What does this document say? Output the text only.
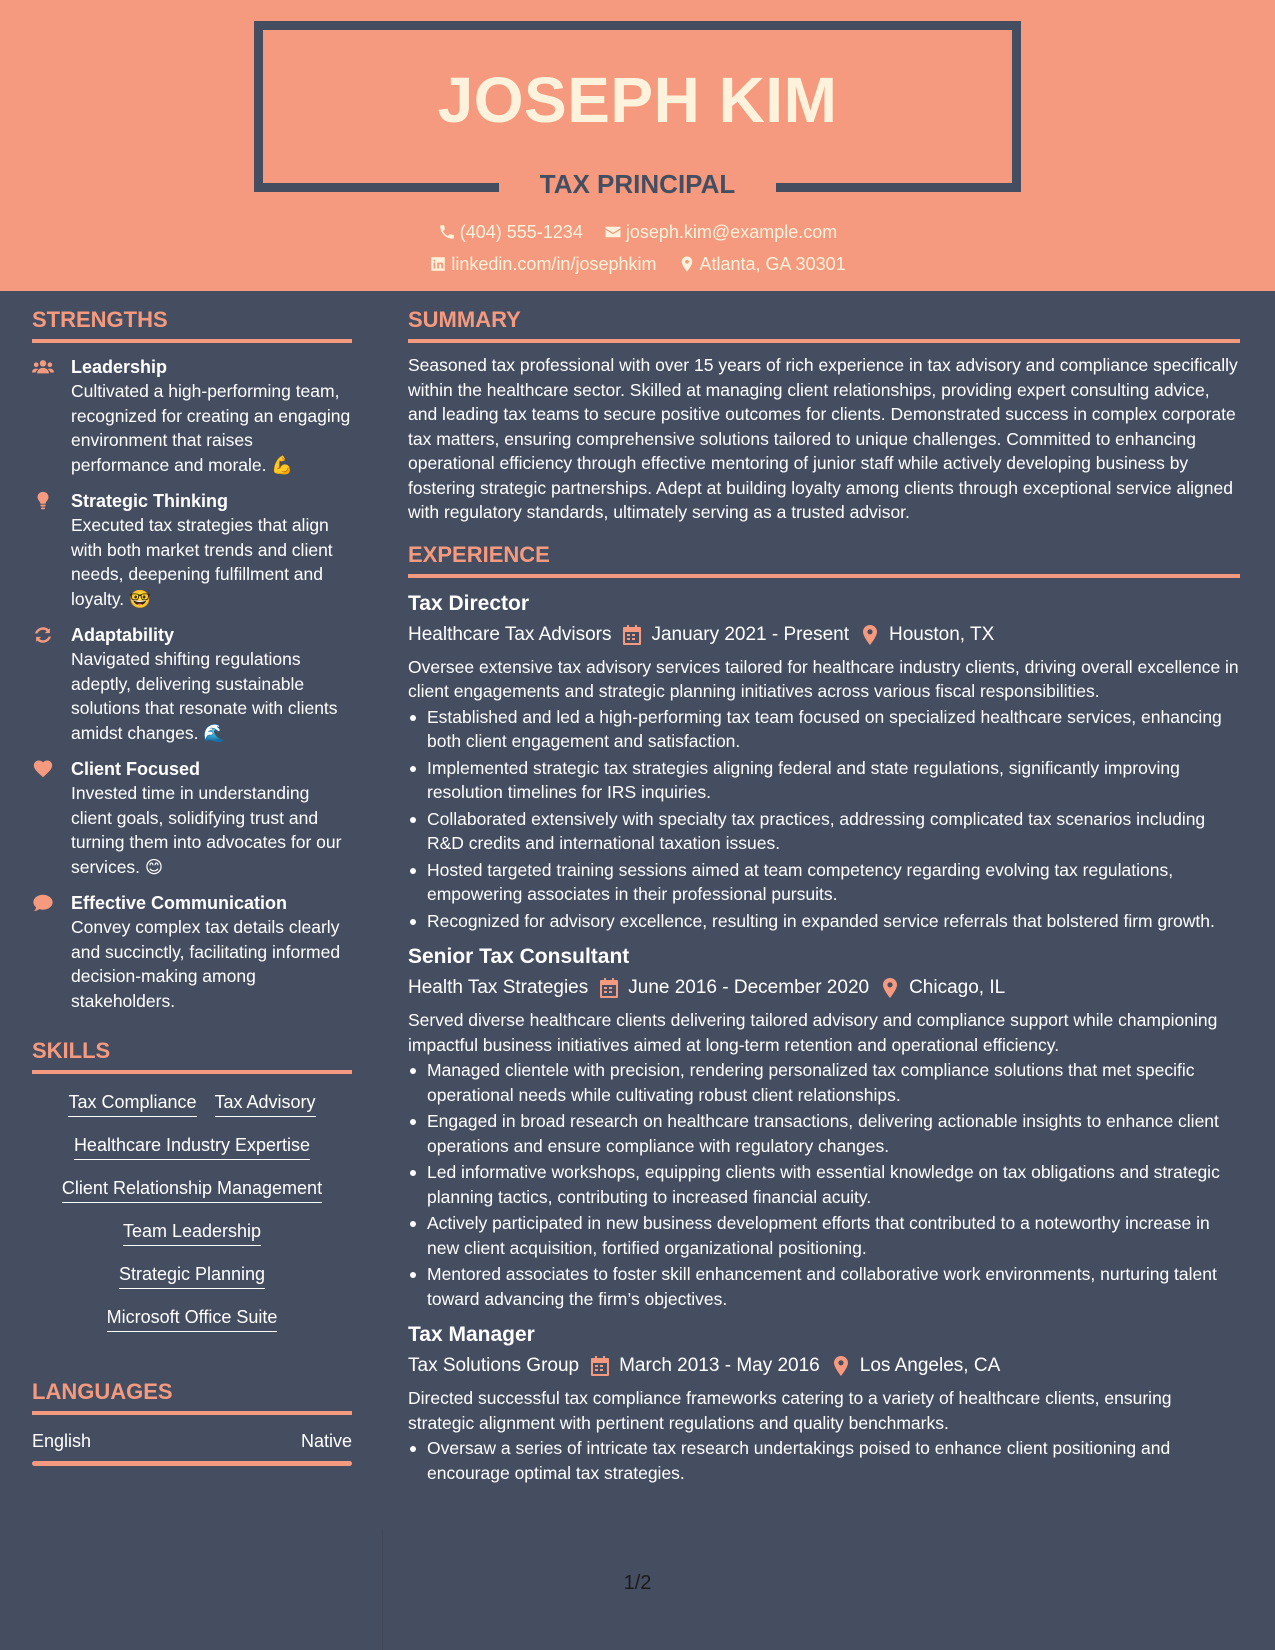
JOSEPH KIM
TAX PRINCIPAL
(404) 555-1234
joseph.kim@example.com
linkedin.com/in/josephkim
Atlanta, GA 30301
STRENGTHS
Leadership
Cultivated a high-performing team, recognized for creating an engaging environment that raises performance and morale. 💪
Strategic Thinking
Executed tax strategies that align with both market trends and client needs, deepening fulfillment and loyalty. 🤓
Adaptability
Navigated shifting regulations adeptly, delivering sustainable solutions that resonate with clients amidst changes. 🌊
Client Focused
Invested time in understanding client goals, solidifying trust and turning them into advocates for our services. 😊
Effective Communication
Convey complex tax details clearly and succinctly, facilitating informed decision-making among stakeholders.
SKILLS
Tax Compliance Tax Advisory
Healthcare Industry Expertise
Client Relationship Management
Team Leadership
Strategic Planning
Microsoft Office Suite
LANGUAGES
English	Native
SUMMARY
Seasoned tax professional with over 15 years of rich experience in tax advisory and compliance specifically within the healthcare sector. Skilled at managing client relationships, providing expert consulting advice, and leading tax teams to secure positive outcomes for clients. Demonstrated success in complex corporate tax matters, ensuring comprehensive solutions tailored to unique challenges. Committed to enhancing operational efficiency through effective mentoring of junior staff while actively developing business by fostering strategic partnerships. Adept at building loyalty among clients through exceptional service aligned with regulatory standards, ultimately serving as a trusted advisor.
EXPERIENCE
Tax Director
Healthcare Tax Advisors January 2021 - Present Houston, TX
Oversee extensive tax advisory services tailored for healthcare industry clients, driving overall excellence in client engagements and strategic planning initiatives across various fiscal responsibilities.
Established and led a high-performing tax team focused on specialized healthcare services, enhancing both client engagement and satisfaction.
Implemented strategic tax strategies aligning federal and state regulations, significantly improving resolution timelines for IRS inquiries.
Collaborated extensively with specialty tax practices, addressing complicated tax scenarios including R&D credits and international taxation issues.
Hosted targeted training sessions aimed at team competency regarding evolving tax regulations, empowering associates in their professional pursuits.
Recognized for advisory excellence, resulting in expanded service referrals that bolstered firm growth.
Senior Tax Consultant
Health Tax Strategies June 2016 - December 2020 Chicago, IL
Served diverse healthcare clients delivering tailored advisory and compliance support while championing impactful business initiatives aimed at long-term retention and operational efficiency.
Managed clientele with precision, rendering personalized tax compliance solutions that met specific operational needs while cultivating robust client relationships.
Engaged in broad research on healthcare transactions, delivering actionable insights to enhance client operations and ensure compliance with regulatory changes.
Led informative workshops, equipping clients with essential knowledge on tax obligations and strategic planning tactics, contributing to increased financial acuity.
Actively participated in new business development efforts that contributed to a noteworthy increase in new client acquisition, fortified organizational positioning.
Mentored associates to foster skill enhancement and collaborative work environments, nurturing talent toward advancing the firm’s objectives.
Tax Manager
Tax Solutions Group March 2013 - May 2016 Los Angeles, CA
Directed successful tax compliance frameworks catering to a variety of healthcare clients, ensuring strategic alignment with pertinent regulations and quality benchmarks.
Oversaw a series of intricate tax research undertakings poised to enhance client positioning and encourage optimal tax strategies.
1/2
